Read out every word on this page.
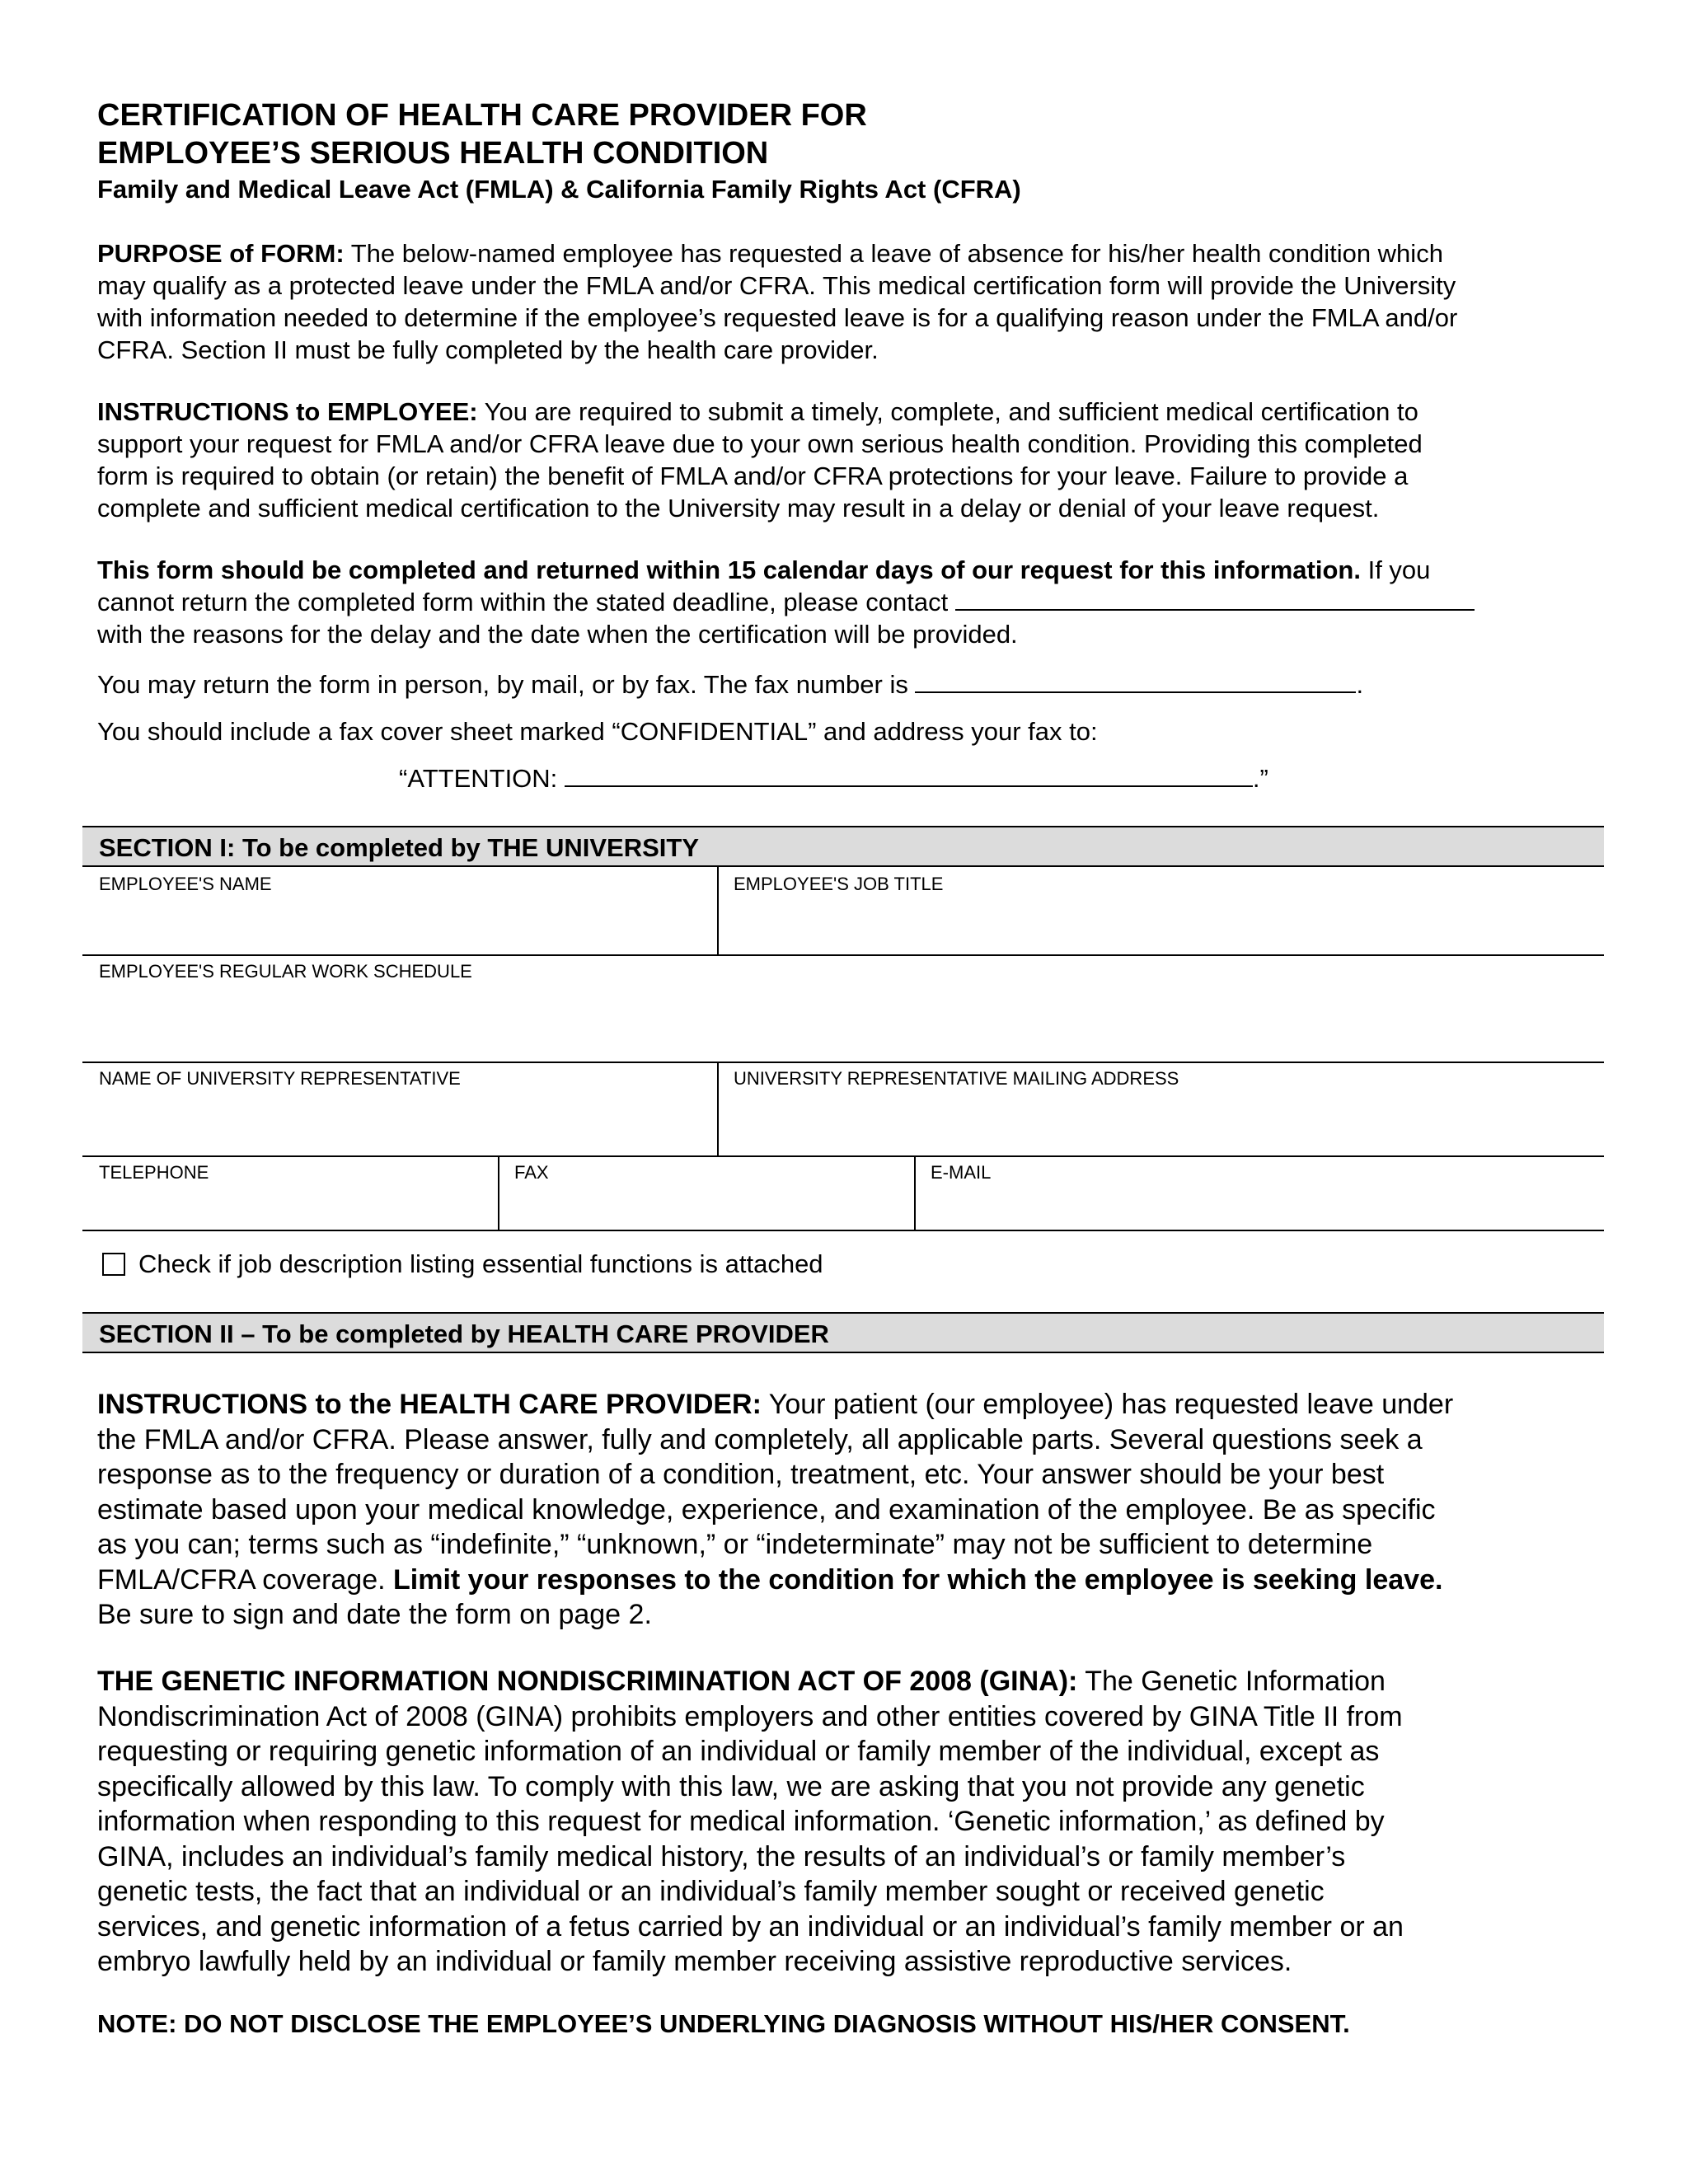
CERTIFICATION OF HEALTH CARE PROVIDER FOR
EMPLOYEE’S SERIOUS HEALTH CONDITION
Family and Medical Leave Act (FMLA) & California Family Rights Act (CFRA)
PURPOSE of FORM: The below-named employee has requested a leave of absence for his/her health condition which
may qualify as a protected leave under the FMLA and/or CFRA. This medical certification form will provide the University
with information needed to determine if the employee’s requested leave is for a qualifying reason under the FMLA and/or
CFRA. Section II must be fully completed by the health care provider.
INSTRUCTIONS to EMPLOYEE: You are required to submit a timely, complete, and sufficient medical certification to
support your request for FMLA and/or CFRA leave due to your own serious health condition. Providing this completed
form is required to obtain (or retain) the benefit of FMLA and/or CFRA protections for your leave. Failure to provide a
complete and sufficient medical certification to the University may result in a delay or denial of your leave request.
This form should be completed and returned within 15 calendar days of our request for this information. If you
cannot return the completed form within the stated deadline, please contact
with the reasons for the delay and the date when the certification will be provided.
You may return the form in person, by mail, or by fax. The fax number is	.
You should include a fax cover sheet marked “CONFIDENTIAL” and address your fax to:
“ATTENTION:	.”
SECTION I: To be completed by THE UNIVERSITY
EMPLOYEE'S NAME	EMPLOYEE'S JOB TITLE
EMPLOYEE'S REGULAR WORK SCHEDULE
NAME OF UNIVERSITY REPRESENTATIVE	UNIVERSITY REPRESENTATIVE MAILING ADDRESS
TELEPHONE	FAX	E-MAIL
Check if job description listing essential functions is attached
SECTION II – To be completed by HEALTH CARE PROVIDER
INSTRUCTIONS to the HEALTH CARE PROVIDER: Your patient (our employee) has requested leave under
the FMLA and/or CFRA. Please answer, fully and completely, all applicable parts. Several questions seek a
response as to the frequency or duration of a condition, treatment, etc. Your answer should be your best
estimate based upon your medical knowledge, experience, and examination of the employee. Be as specific
as you can; terms such as “indefinite,” “unknown,” or “indeterminate” may not be sufficient to determine
FMLA/CFRA coverage. Limit your responses to the condition for which the employee is seeking leave.
Be sure to sign and date the form on page 2.
THE GENETIC INFORMATION NONDISCRIMINATION ACT OF 2008 (GINA): The Genetic Information
Nondiscrimination Act of 2008 (GINA) prohibits employers and other entities covered by GINA Title II from
requesting or requiring genetic information of an individual or family member of the individual, except as
specifically allowed by this law. To comply with this law, we are asking that you not provide any genetic
information when responding to this request for medical information. ‘Genetic information,’ as defined by
GINA, includes an individual’s family medical history, the results of an individual’s or family member’s
genetic tests, the fact that an individual or an individual’s family member sought or received genetic
services, and genetic information of a fetus carried by an individual or an individual’s family member or an
embryo lawfully held by an individual or family member receiving assistive reproductive services.
NOTE: DO NOT DISCLOSE THE EMPLOYEE’S UNDERLYING DIAGNOSIS WITHOUT HIS/HER CONSENT.
